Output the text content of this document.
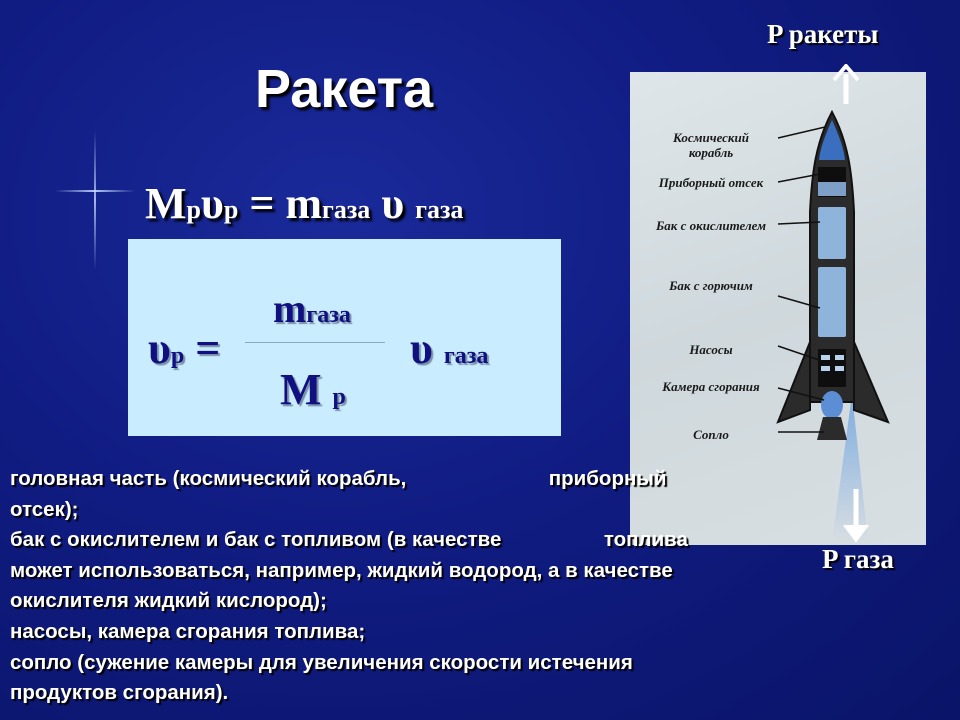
Ракета
Mрυр = mгаза υ газа
υр =
mгаза
M р
υ газа
Космический корабль
Приборный отсек
Бак с окислителем
Бак с горючим
Насосы
Камера сгорания
Сопло
P ракеты
P газа
головная часть (космический корабль,                         приборный
отсек);
бак с окислителем и бак с топливом (в качестве                  топлива
может использоваться, например, жидкий водород, а в качестве
окислителя жидкий кислород);
насосы, камера сгорания топлива;
сопло (сужение камеры для увеличения скорости истечения
продуктов сгорания).
